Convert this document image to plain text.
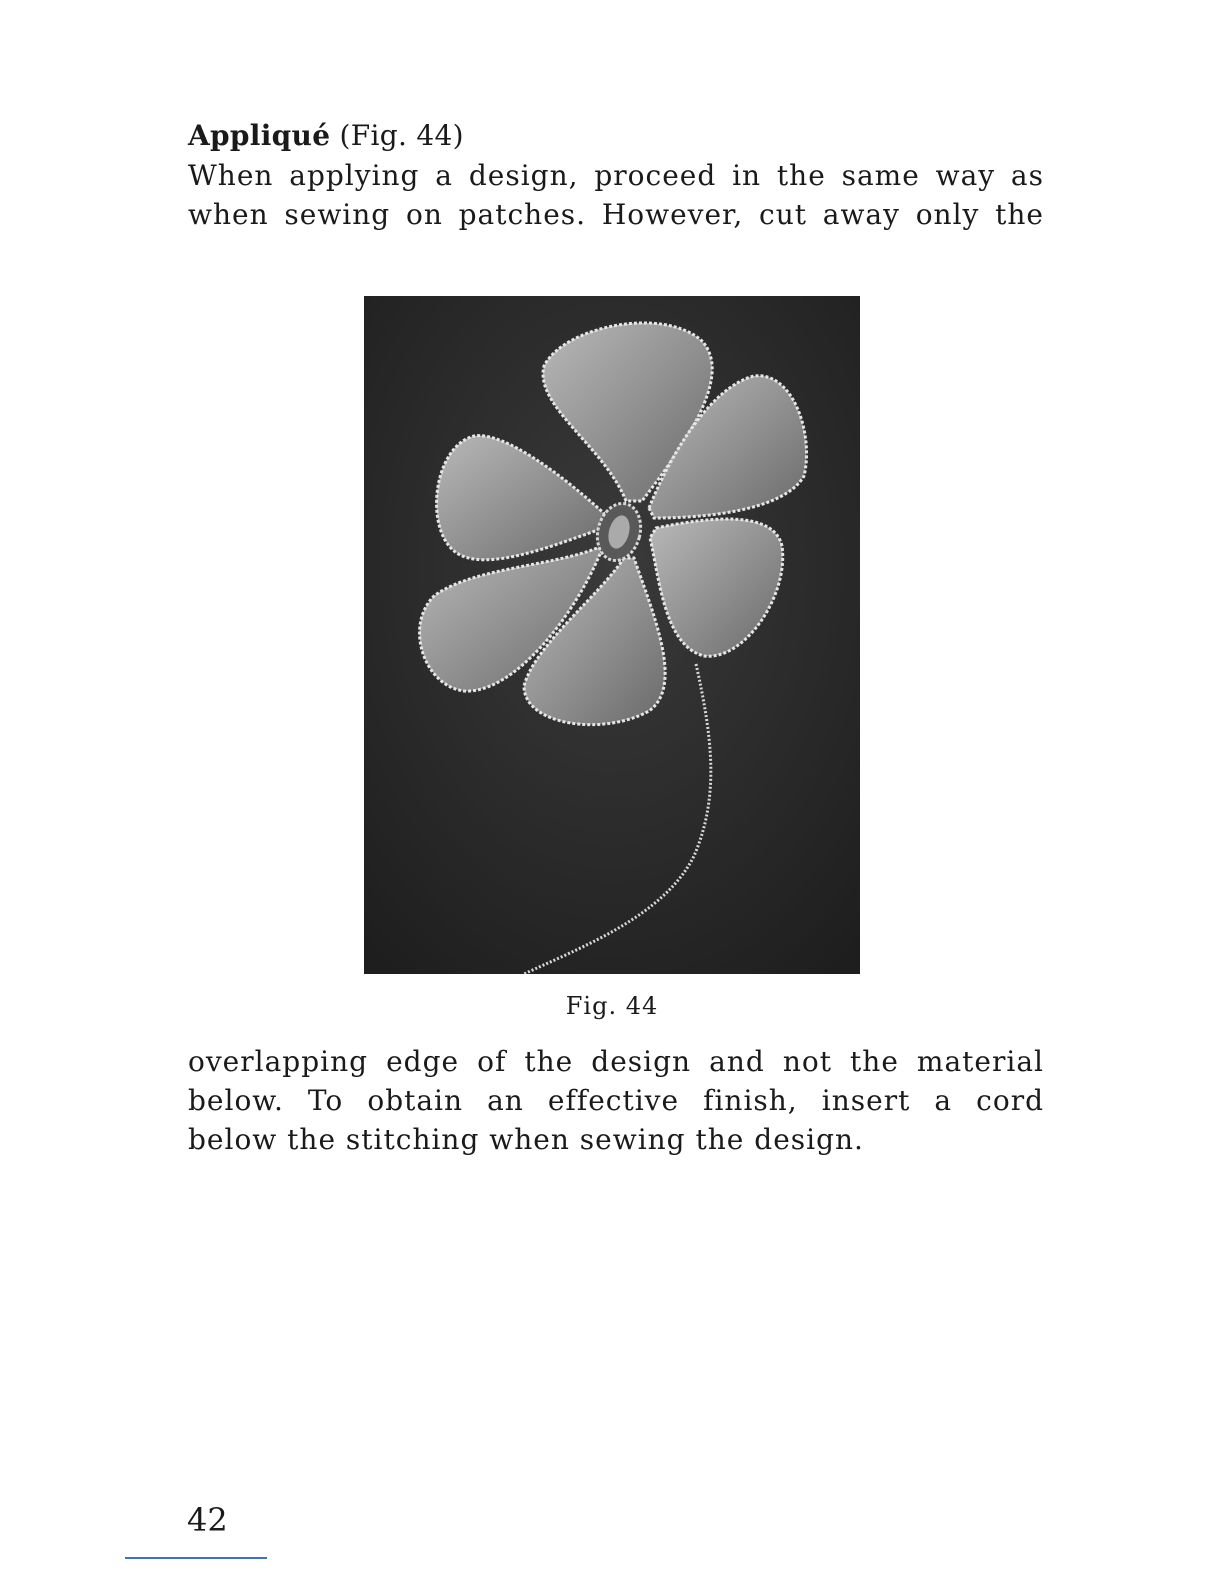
Appliqué (Fig. 44)
When applying a design, proceed in the same way as
when sewing on patches. However, cut away only the
Fig. 44
overlapping edge of the design and not the material
below. To obtain an effective finish, insert a cord
below the stitching when sewing the design.
42
